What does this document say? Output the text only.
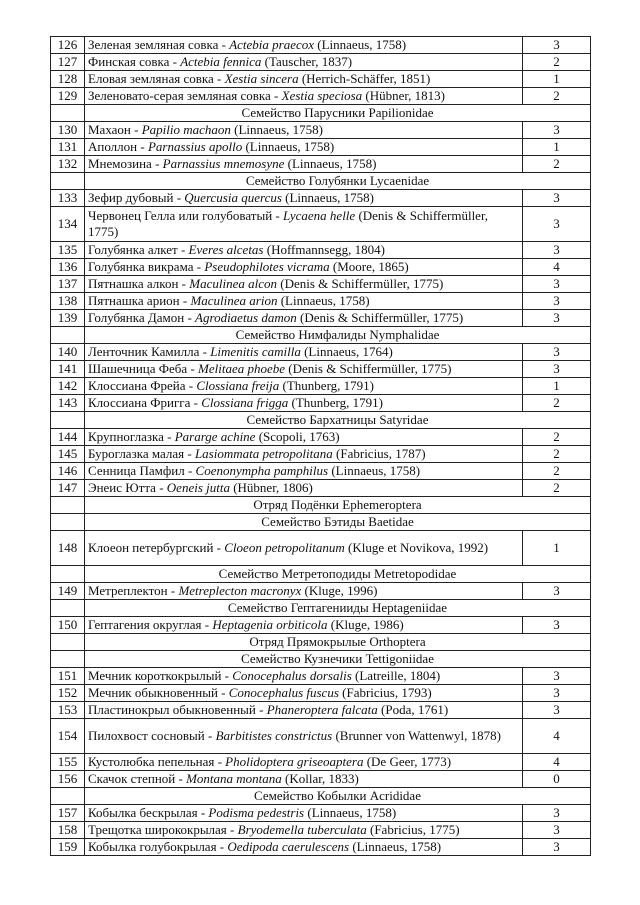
126	Зеленая земляная совка - Actebia praecox (Linnaeus, 1758)	3
127	Финская совка - Actebia fennica (Tauscher, 1837)	2
128	Еловая земляная совка - Xestia sincera (Herrich-Schäffer, 1851)	1
129	Зеленовато-серая земляная совка - Xestia speciosa (Hübner, 1813)	2
	Семейство Парусники Papilionidae	
130	Махаон - Papilio machaon (Linnaeus, 1758)	3
131	Аполлон - Parnassius apollo (Linnaeus, 1758)	1
132	Мнемозина - Parnassius mnemosyne (Linnaeus, 1758)	2
	Семейство Голубянки Lycaenidae	
133	Зефир дубовый - Quercusia quercus (Linnaeus, 1758)	3
134	Червонец Гелла или голубоватый - Lycaena helle (Denis & Schiffermüller, 1775)	3
135	Голубянка алкет - Everes alcetas (Hoffmannsegg, 1804)	3
136	Голубянка викрама - Pseudophilotes vicrama (Moore, 1865)	4
137	Пятнашка алкон - Maculinea alcon (Denis & Schiffermüller, 1775)	3
138	Пятнашка арион - Maculinea arion (Linnaeus, 1758)	3
139	Голубянка Дамон - Agrodiaetus damon (Denis & Schiffermüller, 1775)	3
	Семейство Нимфалиды Nymphalidae	
140	Ленточник Камилла - Limenitis camilla (Linnaeus, 1764)	3
141	Шашечница Феба - Melitaea phoebe (Denis & Schiffermüller, 1775)	3
142	Клоссиана Фрейа - Clossiana freija (Thunberg, 1791)	1
143	Клоссиана Фригга - Clossiana frigga (Thunberg, 1791)	2
	Семейство Бархатницы Satyridae	
144	Крупноглазка - Pararge achine (Scopoli, 1763)	2
145	Буроглазка малая - Lasiommata petropolitana (Fabricius, 1787)	2
146	Сенница Памфил - Coenonympha pamphilus (Linnaeus, 1758)	2
147	Энеис Ютта - Oeneis jutta (Hübner, 1806)	2
	Отряд Подёнки Ephemeroptera	
	Семейство Бэтиды Baetidae	
148	Клоеон петербургский - Cloeon petropolitanum (Kluge et Novikova, 1992)	1
	Семейство Метретоподиды Metretopodidae	
149	Метреплектон - Metreplecton macronyx (Kluge, 1996)	3
	Семейство Гептагенииды Heptageniidae	
150	Гептагения округлая - Heptagenia orbiticola (Kluge, 1986)	3
	Отряд Прямокрылые Orthoptera	
	Семейство Кузнечики Tettigoniidae	
151	Мечник короткокрылый - Conocephalus dorsalis (Latreille, 1804)	3
152	Мечник обыкновенный - Conocephalus fuscus (Fabricius, 1793)	3
153	Пластинокрыл обыкновенный - Phaneroptera falcata (Poda, 1761)	3
154	Пилохвост сосновый - Barbitistes constrictus (Brunner von Wattenwyl, 1878)	4
155	Кустолюбка пепельная - Pholidoptera griseoaptera (De Geer, 1773)	4
156	Скачок степной - Montana montana (Kollar, 1833)	0
	Семейство Кобылки Acrididae	
157	Кобылка бескрылая - Podisma pedestris (Linnaeus, 1758)	3
158	Трещотка ширококрылая - Bryodemella tuberculata (Fabricius, 1775)	3
159	Кобылка голубокрылая - Oedipoda caerulescens (Linnaeus, 1758)	3
